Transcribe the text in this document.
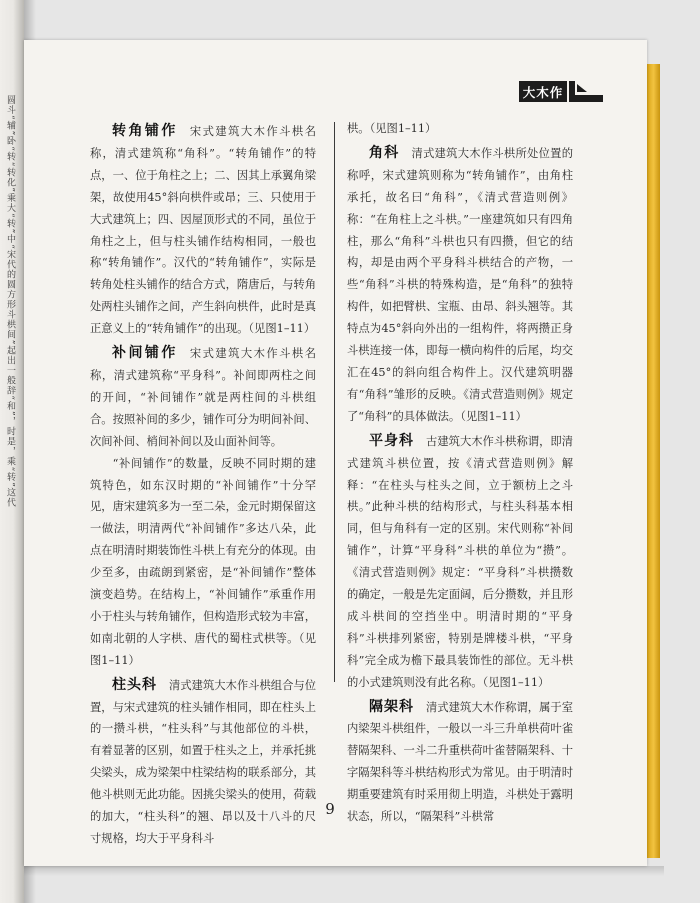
圆斗“辅”卧“转“转化”乘大“转”中“宋代的圆方形斗栱间”起出一般辞“和”，时是，乘“转”这代
大木作

转角铺作 宋式建筑大木作斗栱名称，清式建筑称“角科”。“转角铺作”的特点，一、位于角柱之上；二、因其上承翼角梁架，故使用45°斜向栱件或昂；三、只使用于大式建筑上；四、因屋顶形式的不同，虽位于角柱之上，但与柱头铺作结构相同，一般也称“转角铺作”。汉代的“转角铺作”，实际是转角处柱头铺作的结合方式，隋唐后，与转角处两柱头铺作之间，产生斜向栱件，此时是真正意义上的“转角铺作”的出现。（见图1–11）

补间铺作 宋式建筑大木作斗栱名称，清式建筑称“平身科”。补间即两柱之间的开间，“补间铺作”就是两柱间的斗栱组合。按照补间的多少，铺作可分为明间补间、次间补间、梢间补间以及山面补间等。

“补间铺作”的数量，反映不同时期的建筑特色，如东汉时期的“补间铺作”十分罕见，唐宋建筑多为一至二朵，金元时期保留这一做法，明清两代“补间铺作”多达八朵，此点在明清时期装饰性斗栱上有充分的体现。由少至多，由疏朗到紧密，是“补间铺作”整体演变趋势。在结构上，“补间铺作”承重作用小于柱头与转角铺作，但构造形式较为丰富，如南北朝的人字栱、唐代的蜀柱式栱等。（见图1–11）

柱头科 清式建筑大木作斗栱组合与位置，与宋式建筑的柱头铺作相同，即在柱头上的一攒斗栱，“柱头科”与其他部位的斗栱，有着显著的区别，如置于柱头之上，并承托挑尖梁头，成为梁架中柱梁结构的联系部分，其他斗栱则无此功能。因挑尖梁头的使用，荷载的加大，“柱头科”的翘、昂以及十八斗的尺寸规格，均大于平身科斗

栱。（见图1–11）

角科 清式建筑大木作斗栱所处位置的称呼，宋式建筑则称为“转角铺作”，由角柱承托，故名曰“角科”，《清式营造则例》称：“在角柱上之斗栱。”一座建筑如只有四角柱，那么“角科”斗栱也只有四攒，但它的结构，却是由两个平身科斗栱结合的产物，一些“角科”斗栱的特殊构造，是“角科”的独特构件，如把臂栱、宝瓶、由昂、斜头翘等。其特点为45°斜向外出的一组构件，将两攒正身斗栱连接一体，即每一横向构件的后尾，均交汇在45°的斜向组合构件上。汉代建筑明器有“角科”雏形的反映。《清式营造则例》规定了“角科”的具体做法。（见图1–11）

平身科 古建筑大木作斗栱称谓，即清式建筑斗栱位置，按《清式营造则例》解释：“在柱头与柱头之间，立于额枋上之斗栱。”此种斗栱的结构形式，与柱头科基本相同，但与角科有一定的区别。宋代则称“补间铺作”，计算“平身科”斗栱的单位为“攒”。《清式营造则例》规定：“平身科”斗栱攒数的确定，一般是先定面阔，后分攒数，并且形成斗栱间的空挡坐中。明清时期的“平身科”斗栱排列紧密，特别是牌楼斗栱，“平身科”完全成为檐下最具装饰性的部位。无斗栱的小式建筑则没有此名称。（见图1–11）

隔架科 清式建筑大木作称谓，属于室内梁架斗栱组件，一般以一斗三升单栱荷叶雀替隔架科、一斗二升重栱荷叶雀替隔架科、十字隔架科等斗栱结构形式为常见。由于明清时期重要建筑有时采用彻上明造，斗栱处于露明状态，所以，“隔架科”斗栱常

9
